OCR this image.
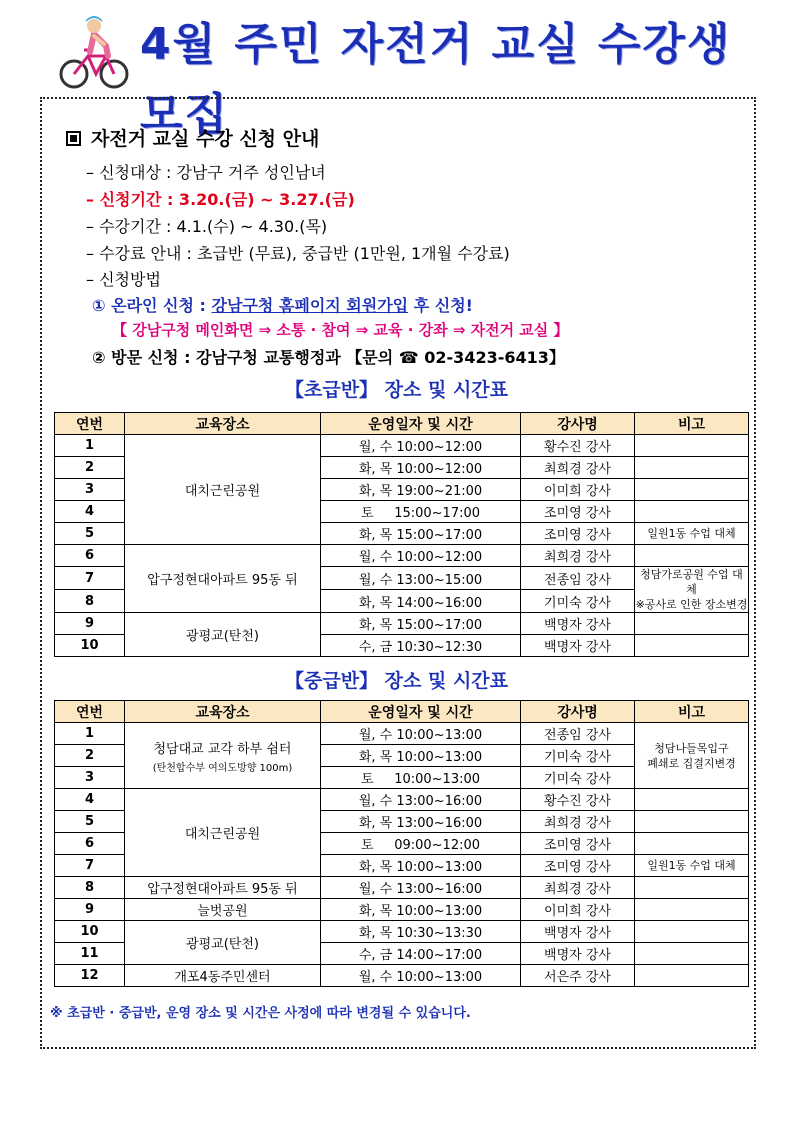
4월 주민 자전거 교실 수강생 모집
자전거 교실 수강 신청 안내
– 신청대상 : 강남구 거주 성인남녀
– 신청기간 : 3.20.(금) ~ 3.27.(금)
– 수강기간 : 4.1.(수) ~ 4.30.(목)
– 수강료 안내 : 초급반 (무료), 중급반 (1만원, 1개월 수강료)
– 신청방법
① 온라인 신청 : 강남구청 홈페이지 회원가입 후 신청!
【 강남구청 메인화면 ⇒ 소통 · 참여 ⇒ 교육 · 강좌 ⇒ 자전거 교실 】
② 방문 신청 : 강남구청 교통행정과 【문의 ☎ 02-3423-6413】
【초급반】 장소 및 시간표
연번	교육장소	운영일자 및 시간	강사명	비고
1	대치근린공원	월, 수 10:00~12:00	황수진 강사	
2		화, 목 10:00~12:00	최희경 강사	
3		화, 목 19:00~21:00	이미희 강사	
4		토     15:00~17:00	조미영 강사	
5		화, 목 15:00~17:00	조미영 강사	일원1동 수업 대체
6	압구정현대아파트 95동 뒤	월, 수 10:00~12:00	최희경 강사	
7		월, 수 13:00~15:00	전종임 강사	청담가로공원 수업 대체
※공사로 인한 장소변경
8		화, 목 14:00~16:00	기미숙 강사	
9	광평교(탄천)	화, 목 15:00~17:00	백명자 강사	
10		수, 금 10:30~12:30	백명자 강사	
【중급반】 장소 및 시간표
연번	교육장소	운영일자 및 시간	강사명	비고
1	청담대교 교각 하부 쉼터
(탄천합수부 여의도방향 100m)	월, 수 10:00~13:00	전종임 강사	청담나들목입구
폐쇄로 집결지변경
2		화, 목 10:00~13:00	기미숙 강사	
3		토     10:00~13:00	기미숙 강사	
4	대치근린공원	월, 수 13:00~16:00	황수진 강사	
5		화, 목 13:00~16:00	최희경 강사	
6		토     09:00~12:00	조미영 강사	
7		화, 목 10:00~13:00	조미영 강사	일원1동 수업 대체
8	압구정현대아파트 95동 뒤	월, 수 13:00~16:00	최희경 강사	
9	늘벗공원	화, 목 10:00~13:00	이미희 강사	
10	광평교(탄천)	화, 목 10:30~13:30	백명자 강사	
11		수, 금 14:00~17:00	백명자 강사	
12	개포4동주민센터	월, 수 10:00~13:00	서은주 강사	
※ 초급반 · 중급반, 운영 장소 및 시간은 사정에 따라 변경될 수 있습니다.
